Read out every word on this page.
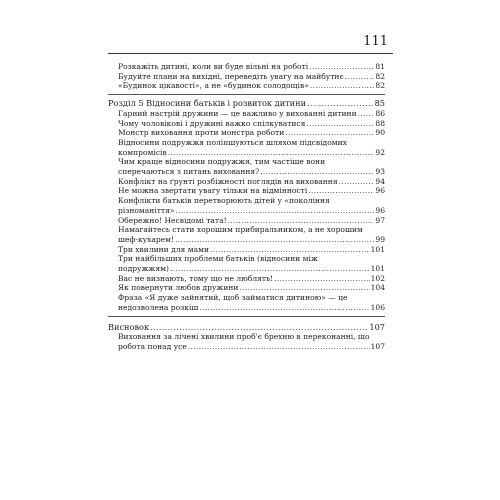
111
Розкажіть дитині, коли ви буде вільні на роботі .....	81
Будуйте плани на вихідні, переведіть увагу на майбутнє .....	82
«Будинок цікавості», а не «будинок солодощів» .....	82
Розділ 5 Відносини батьків і розвиток дитини .....	85
Гарний настрій дружини — це важливо у вихованні дитини ..... 86
Чому чоловікові і дружині важко спілкуватися .....	88
Монстр виховання проти монстра роботи .....	90
Відносини подружжя поліпшуються шляхом підсвідомих
компромісів .....	92
Чим краще відносини подружжя, тим частіше вони
сперечаються з питань виховання? .....	93
Конфлікт на ґрунті розбіжності поглядів на виховання .....	94
Не можна звертати увагу тільки на відмінності .....	96
Конфлікти батьків перетворюють дітей у «покоління
різноманіття» .....	96
Обережно! Несвідомі тата! .....	97
Намагайтесь стати хорошим прибиральником, а не хорошим
шеф-кухарем! .....	99
Три хвилини для мами .....	101
Три найбільших проблеми батьків (відносини між
подружжям) .....	101
Вас не визнають, тому що не люблять! .....	102
Як повернути любов дружини .....	104
Фраза «Я дуже зайнятий, щоб займатися дитиною» — це
недозволена розкіш .....	106
Висновок .....	107
Виховання за лічені хвилини проб'є брехню в переконанні, що
робота понад усе .....	107
